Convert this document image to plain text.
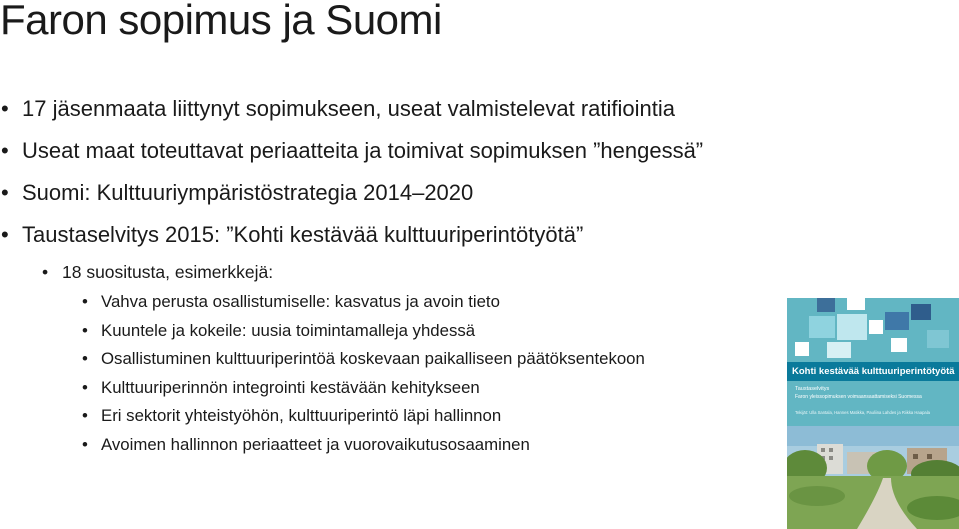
Faron sopimus ja Suomi
• 17 jäsenmaata liittynyt sopimukseen, useat valmistelevat ratifiointia
• Useat maat toteuttavat periaatteita ja toimivat sopimuksen ”hengessä”
• Suomi: Kulttuuriympäristöstrategia 2014–2020
• Taustaselvitys 2015: ”Kohti kestävää kulttuuriperintötyötä”
• 18 suositusta, esimerkkejä:
• Vahva perusta osallistumiselle: kasvatus ja avoin tieto
• Kuuntele ja kokeile: uusia toimintamalleja yhdessä
• Osallistuminen kulttuuriperintöä koskevaan paikalliseen päätöksentekoon
• Kulttuuriperinnön integrointi kestävään kehitykseen
• Eri sektorit yhteistyöhön, kulttuuriperintö läpi hallinnon
• Avoimen hallinnon periaatteet ja vuorovaikutusosaaminen
Kohti kestävää kulttuuriperintötyötä
Taustaselvitys
Faron yleissopimuksen voimaansaattamiseksi Suomessa
Tekijät: Ulla Santala, Hannes Matikka, Pauliina Lahdes ja Riikka Haapala
